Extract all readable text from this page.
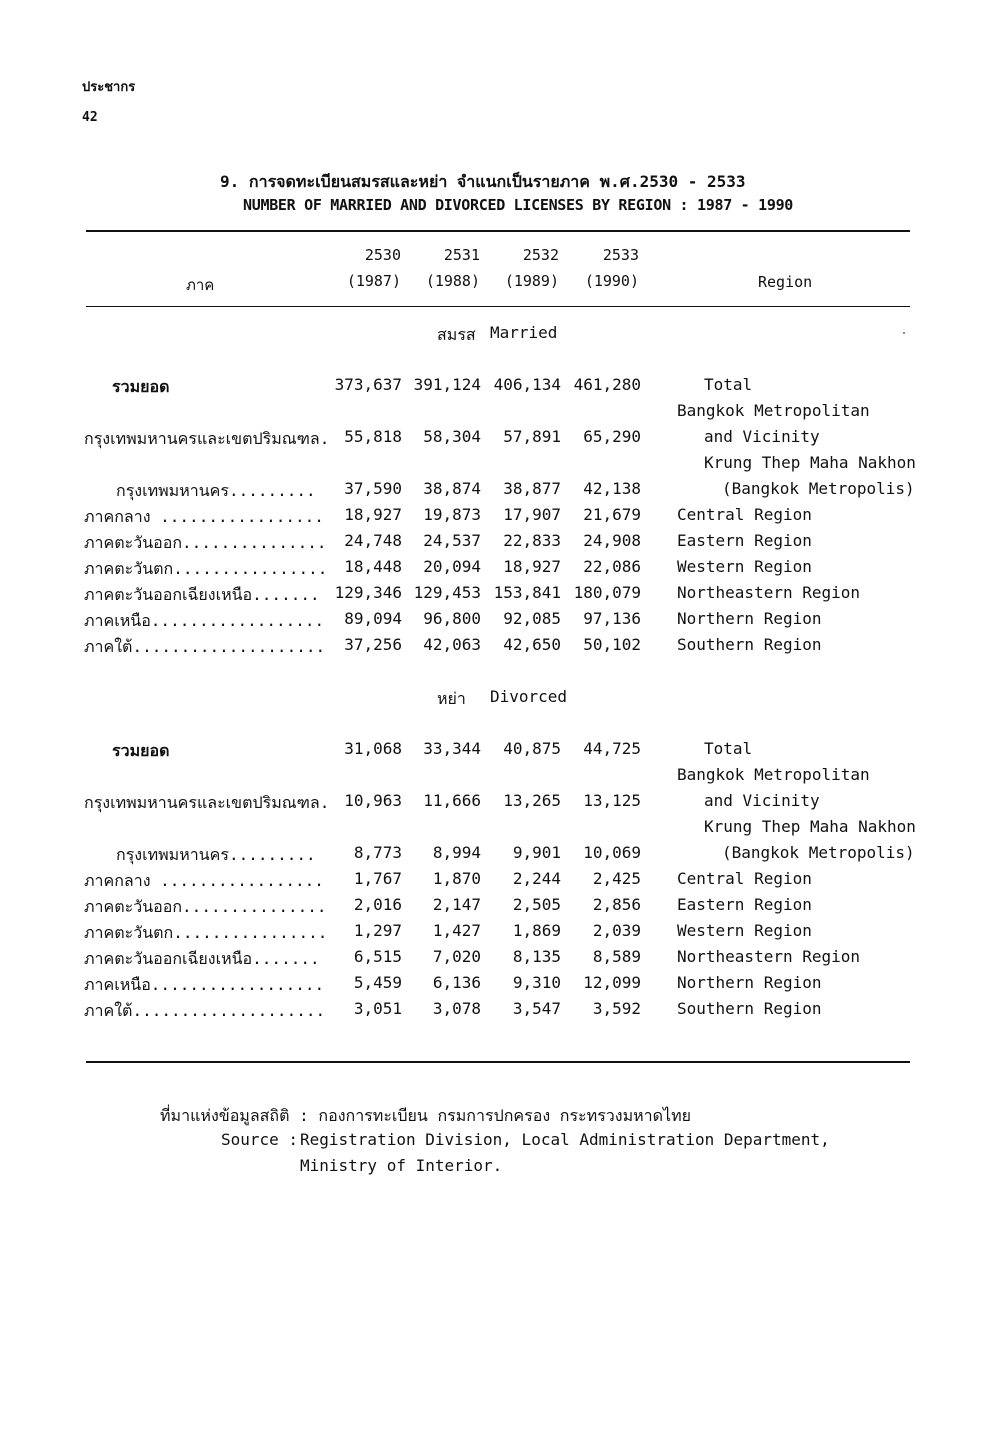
ประชากร
42
9. การจดทะเบียนสมรสและหย่า จำแนกเป็นรายภาค พ.ศ.2530 - 2533
NUMBER OF MARRIED AND DIVORCED LICENSES BY REGION : 1987 - 1990
ภาค
2530	2531	2532	2533
(1987)	(1988)	(1989)	(1990)	Region
สมรส Married
รวมยอด	373,637 391,124 406,134 461,280	Total
Bangkok Metropolitan
กรุงเทพมหานครและเขตปริมณฑล. 55,818	58,304	57,891	65,290	and Vicinity
Krung Thep Maha Nakhon
กรุงเทพมหานคร.........	37,590	38,874	38,877	42,138	(Bangkok Metropolis)
ภาคกลาง .................	18,927	19,873	17,907	21,679 Central Region
ภาคตะวันออก...............	24,748	24,537	22,833	24,908 Eastern Region
ภาคตะวันตก................	18,448	20,094	18,927	22,086 Western Region
ภาคตะวันออกเฉียงเหนือ....... 129,346 129,453 153,841 180,079 Northeastern Region
ภาคเหนือ..................	89,094	96,800	92,085	97,136 Northern Region
ภาคใต้....................	37,256	42,063	42,650	50,102 Southern Region
หย่า Divorced
รวมยอด	31,068	33,344	40,875	44,725	Total
Bangkok Metropolitan
กรุงเทพมหานครและเขตปริมณฑล. 10,963	11,666	13,265	13,125	and Vicinity
Krung Thep Maha Nakhon
กรุงเทพมหานคร.........	8,773	8,994	9,901	10,069	(Bangkok Metropolis)
ภาคกลาง .................	1,767	1,870	2,244	2,425 Central Region
ภาคตะวันออก...............	2,016	2,147	2,505	2,856 Eastern Region
ภาคตะวันตก................	1,297	1,427	1,869	2,039 Western Region
ภาคตะวันออกเฉียงเหนือ.......	6,515	7,020	8,135	8,589 Northeastern Region
ภาคเหนือ..................	5,459	6,136	9,310	12,099 Northern Region
ภาคใต้....................	3,051	3,078	3,547	3,592 Southern Region
ที่มาแห่งข้อมูลสถิติ : กองการทะเบียน กรมการปกครอง กระทรวงมหาดไทย
Source : Registration Division, Local Administration Department,
Ministry of Interior.
